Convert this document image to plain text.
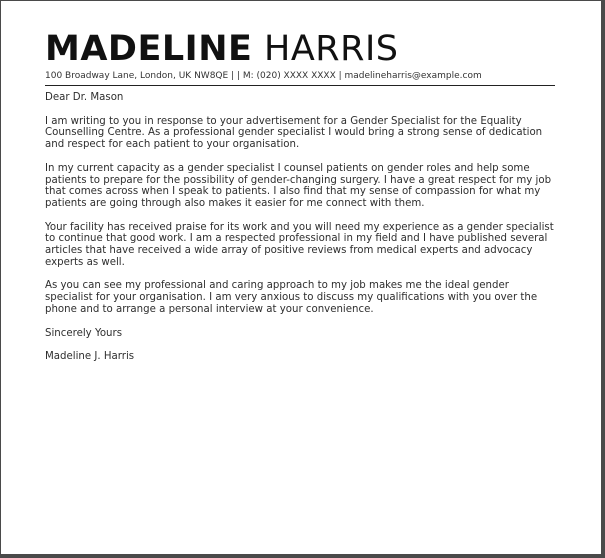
MADELINE HARRIS
100 Broadway Lane, London, UK NW8QE | | M: (020) XXXX XXXX | madelineharris@example.com

Dear Dr. Mason

I am writing to you in response to your advertisement for a Gender Specialist for the Equality Counselling Centre. As a professional gender specialist I would bring a strong sense of dedication and respect for each patient to your organisation.

In my current capacity as a gender specialist I counsel patients on gender roles and help some patients to prepare for the possibility of gender-changing surgery. I have a great respect for my job that comes across when I speak to patients. I also find that my sense of compassion for what my patients are going through also makes it easier for me connect with them.

Your facility has received praise for its work and you will need my experience as a gender specialist to continue that good work. I am a respected professional in my field and I have published several articles that have received a wide array of positive reviews from medical experts and advocacy experts as well.

As you can see my professional and caring approach to my job makes me the ideal gender specialist for your organisation. I am very anxious to discuss my qualifications with you over the phone and to arrange a personal interview at your convenience.

Sincerely Yours

Madeline J. Harris
